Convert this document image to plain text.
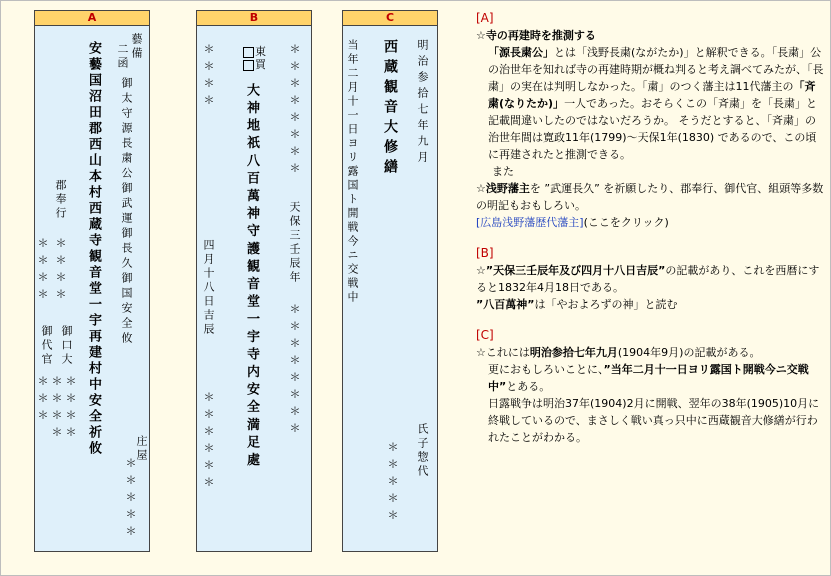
A
藝備
二函
御太守源長粛公御武運御長久御国安全攸
安藝国沼田郡西山本村西蔵寺観音堂一宇再建村中安全祈攸
郡奉行
＊＊＊＊ ＊＊＊＊
御口大
御代官
＊＊＊＊
＊＊＊＊
＊＊＊
庄屋
＊＊＊＊＊
B
＊＊＊＊＊＊＊＊
＊＊＊＊	東
買
大神地祇八百萬神守護観音堂一宇寺内安全満足處	天保三壬辰年
＊＊＊＊＊＊＊＊
四月十八日吉辰
＊＊＊＊＊＊
C
明治参拾七年九月
西蔵観音大修繕
当年二月十一日ヨリ露国ト開戦今ニ交戦中
氏子惣代
＊＊＊＊＊
[A]

☆寺の再建時を推測する

「源長粛公」とは「浅野長粛(ながたか)」と解釈できる。「長粛」公の治世年を知れば寺の再建時期が概ね判ると考え調べてみたが、「長粛」の実在は判明しなかった。「粛」のつく藩主は11代藩主の「斉粛(なりたか)」一人であった。おそらくこの「斉粛」を「長粛」と記載間違いしたのではないだろうか。 そうだとすると、「斉粛」の治世年間は寛政11年(1799)～天保1年(1830) であるので、この頃に再建されたと推測できる。

また

☆浅野藩主を ”武運長久” を祈願したり、郡奉行、御代官、組頭等多数の明記もおもしろい。

[広島浅野藩歴代藩主](ここをクリック)

[B]

☆”天保三壬辰年及び四月十八日吉辰”の記載があり、これを西暦にすると1832年4月18日である。

”八百萬神”は「やおよろずの神」と読む

[C]

☆これには明治参拾七年九月(1904年9月)の記載がある。

更におもしろいことに、”当年二月十一日ヨリ露国ト開戦今ニ交戦中”とある。

日露戦争は明治37年(1904)2月に開戦、翌年の38年(1905)10月に終戦しているので、まさしく戦い真っ只中に西蔵観音大修繕が行われたことがわかる。
